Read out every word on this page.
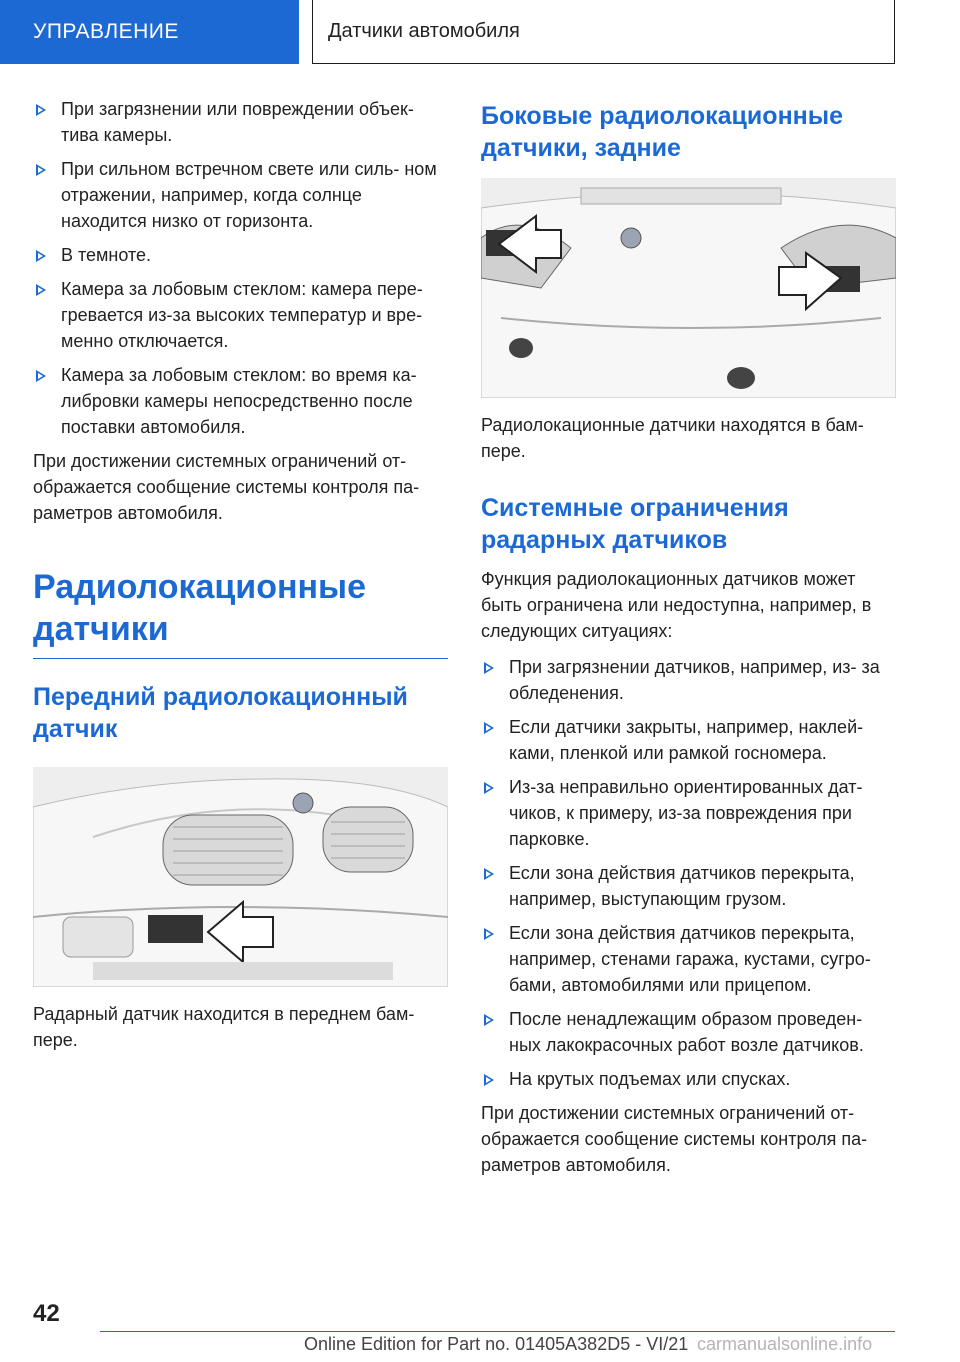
УПРАВЛЕНИЕ	Датчики автомобиля
При загрязнении или повреждении объек- тива камеры.
При сильном встречном свете или силь- ном отражении, например, когда солнце находится низко от горизонта.
В темноте.
Камера за лобовым стеклом: камера пере- гревается из-за высоких температур и вре- менно отключается.
Камера за лобовым стеклом: во время ка- либровки камеры непосредственно после поставки автомобиля.

При достижении системных ограничений от- ображается сообщение системы контроля па- раметров автомобиля.

Радиолокационные датчики
Передний радиолокационный датчик

Радарный датчик находится в переднем бам- пере.

Боковые радиолокационные датчики, задние

Радиолокационные датчики находятся в бам- пере.

Системные ограничения радарных датчиков

Функция радиолокационных датчиков может быть ограничена или недоступна, например, в следующих ситуациях:

При загрязнении датчиков, например, из- за обледенения.
Если датчики закрыты, например, наклей- ками, пленкой или рамкой госномера.
Из-за неправильно ориентированных дат- чиков, к примеру, из-за повреждения при парковке.
Если зона действия датчиков перекрыта, например, выступающим грузом.
Если зона действия датчиков перекрыта, например, стенами гаража, кустами, сугро- бами, автомобилями или прицепом.
После ненадлежащим образом проведен- ных лакокрасочных работ возле датчиков.
На крутых подъемах или спусках.

При достижении системных ограничений от- ображается сообщение системы контроля па- раметров автомобиля.

42
Online Edition for Part no. 01405A382D5 - VI/21 carmanualsonline.info
